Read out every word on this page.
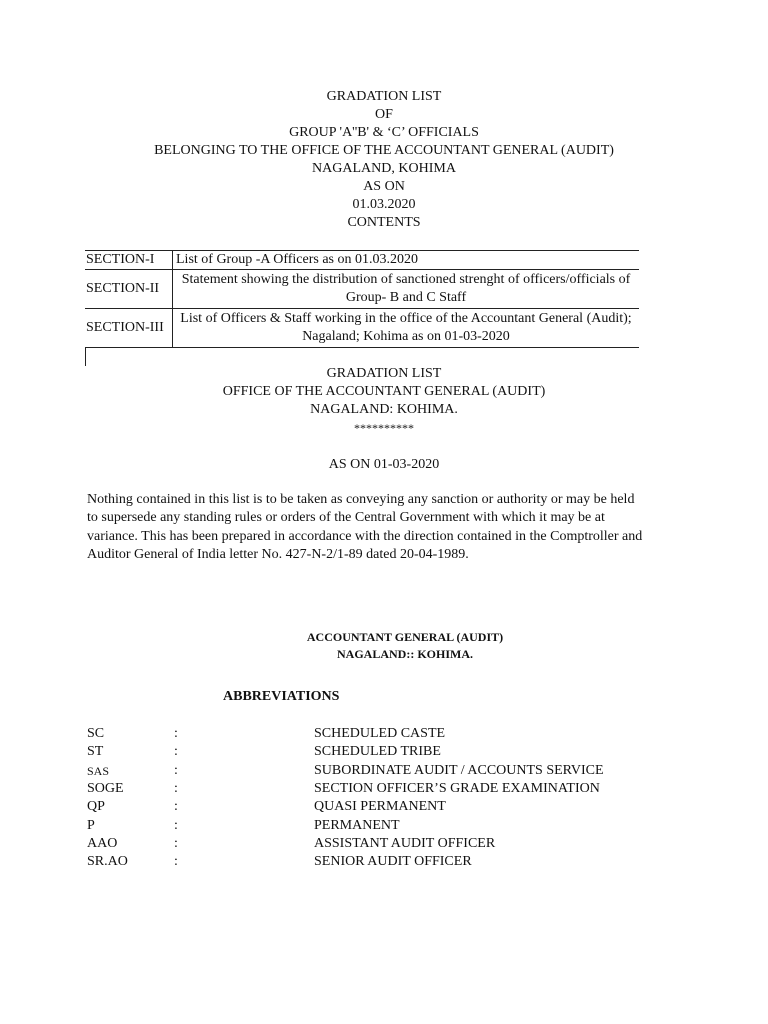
GRADATION LIST
OF
GROUP 'A''B' & ‘C’ OFFICIALS
BELONGING TO THE OFFICE OF THE ACCOUNTANT GENERAL (AUDIT)
NAGALAND, KOHIMA
AS ON
01.03.2020
CONTENTS
SECTION-I	List of Group -A Officers as on 01.03.2020
SECTION-II	Statement showing the distribution of sanctioned strenght of officers/officials of Group- B and C Staff
SECTION-III	List of Officers & Staff working in the office of the Accountant General (Audit); Nagaland; Kohima as on 01-03-2020
GRADATION LIST
OFFICE OF THE ACCOUNTANT GENERAL (AUDIT)
NAGALAND: KOHIMA.
**********
AS ON 01-03-2020
Nothing contained in this list is to be taken as conveying any sanction or authority or may be held to supersede any standing rules or orders of the Central Government with which it may be at variance. This has been prepared in accordance with the direction contained in the Comptroller and Auditor General of India letter No. 427-N-2/1-89 dated 20-04-1989.
ACCOUNTANT GENERAL (AUDIT)
NAGALAND:: KOHIMA.
ABBREVIATIONS
SC	:	SCHEDULED CASTE
ST	:	SCHEDULED TRIBE
SAS	:	SUBORDINATE AUDIT / ACCOUNTS SERVICE
SOGE	:	SECTION OFFICER’S GRADE EXAMINATION
QP	:	QUASI PERMANENT
P	:	PERMANENT
AAO	:	ASSISTANT AUDIT OFFICER
SR.AO	:	SENIOR AUDIT OFFICER
